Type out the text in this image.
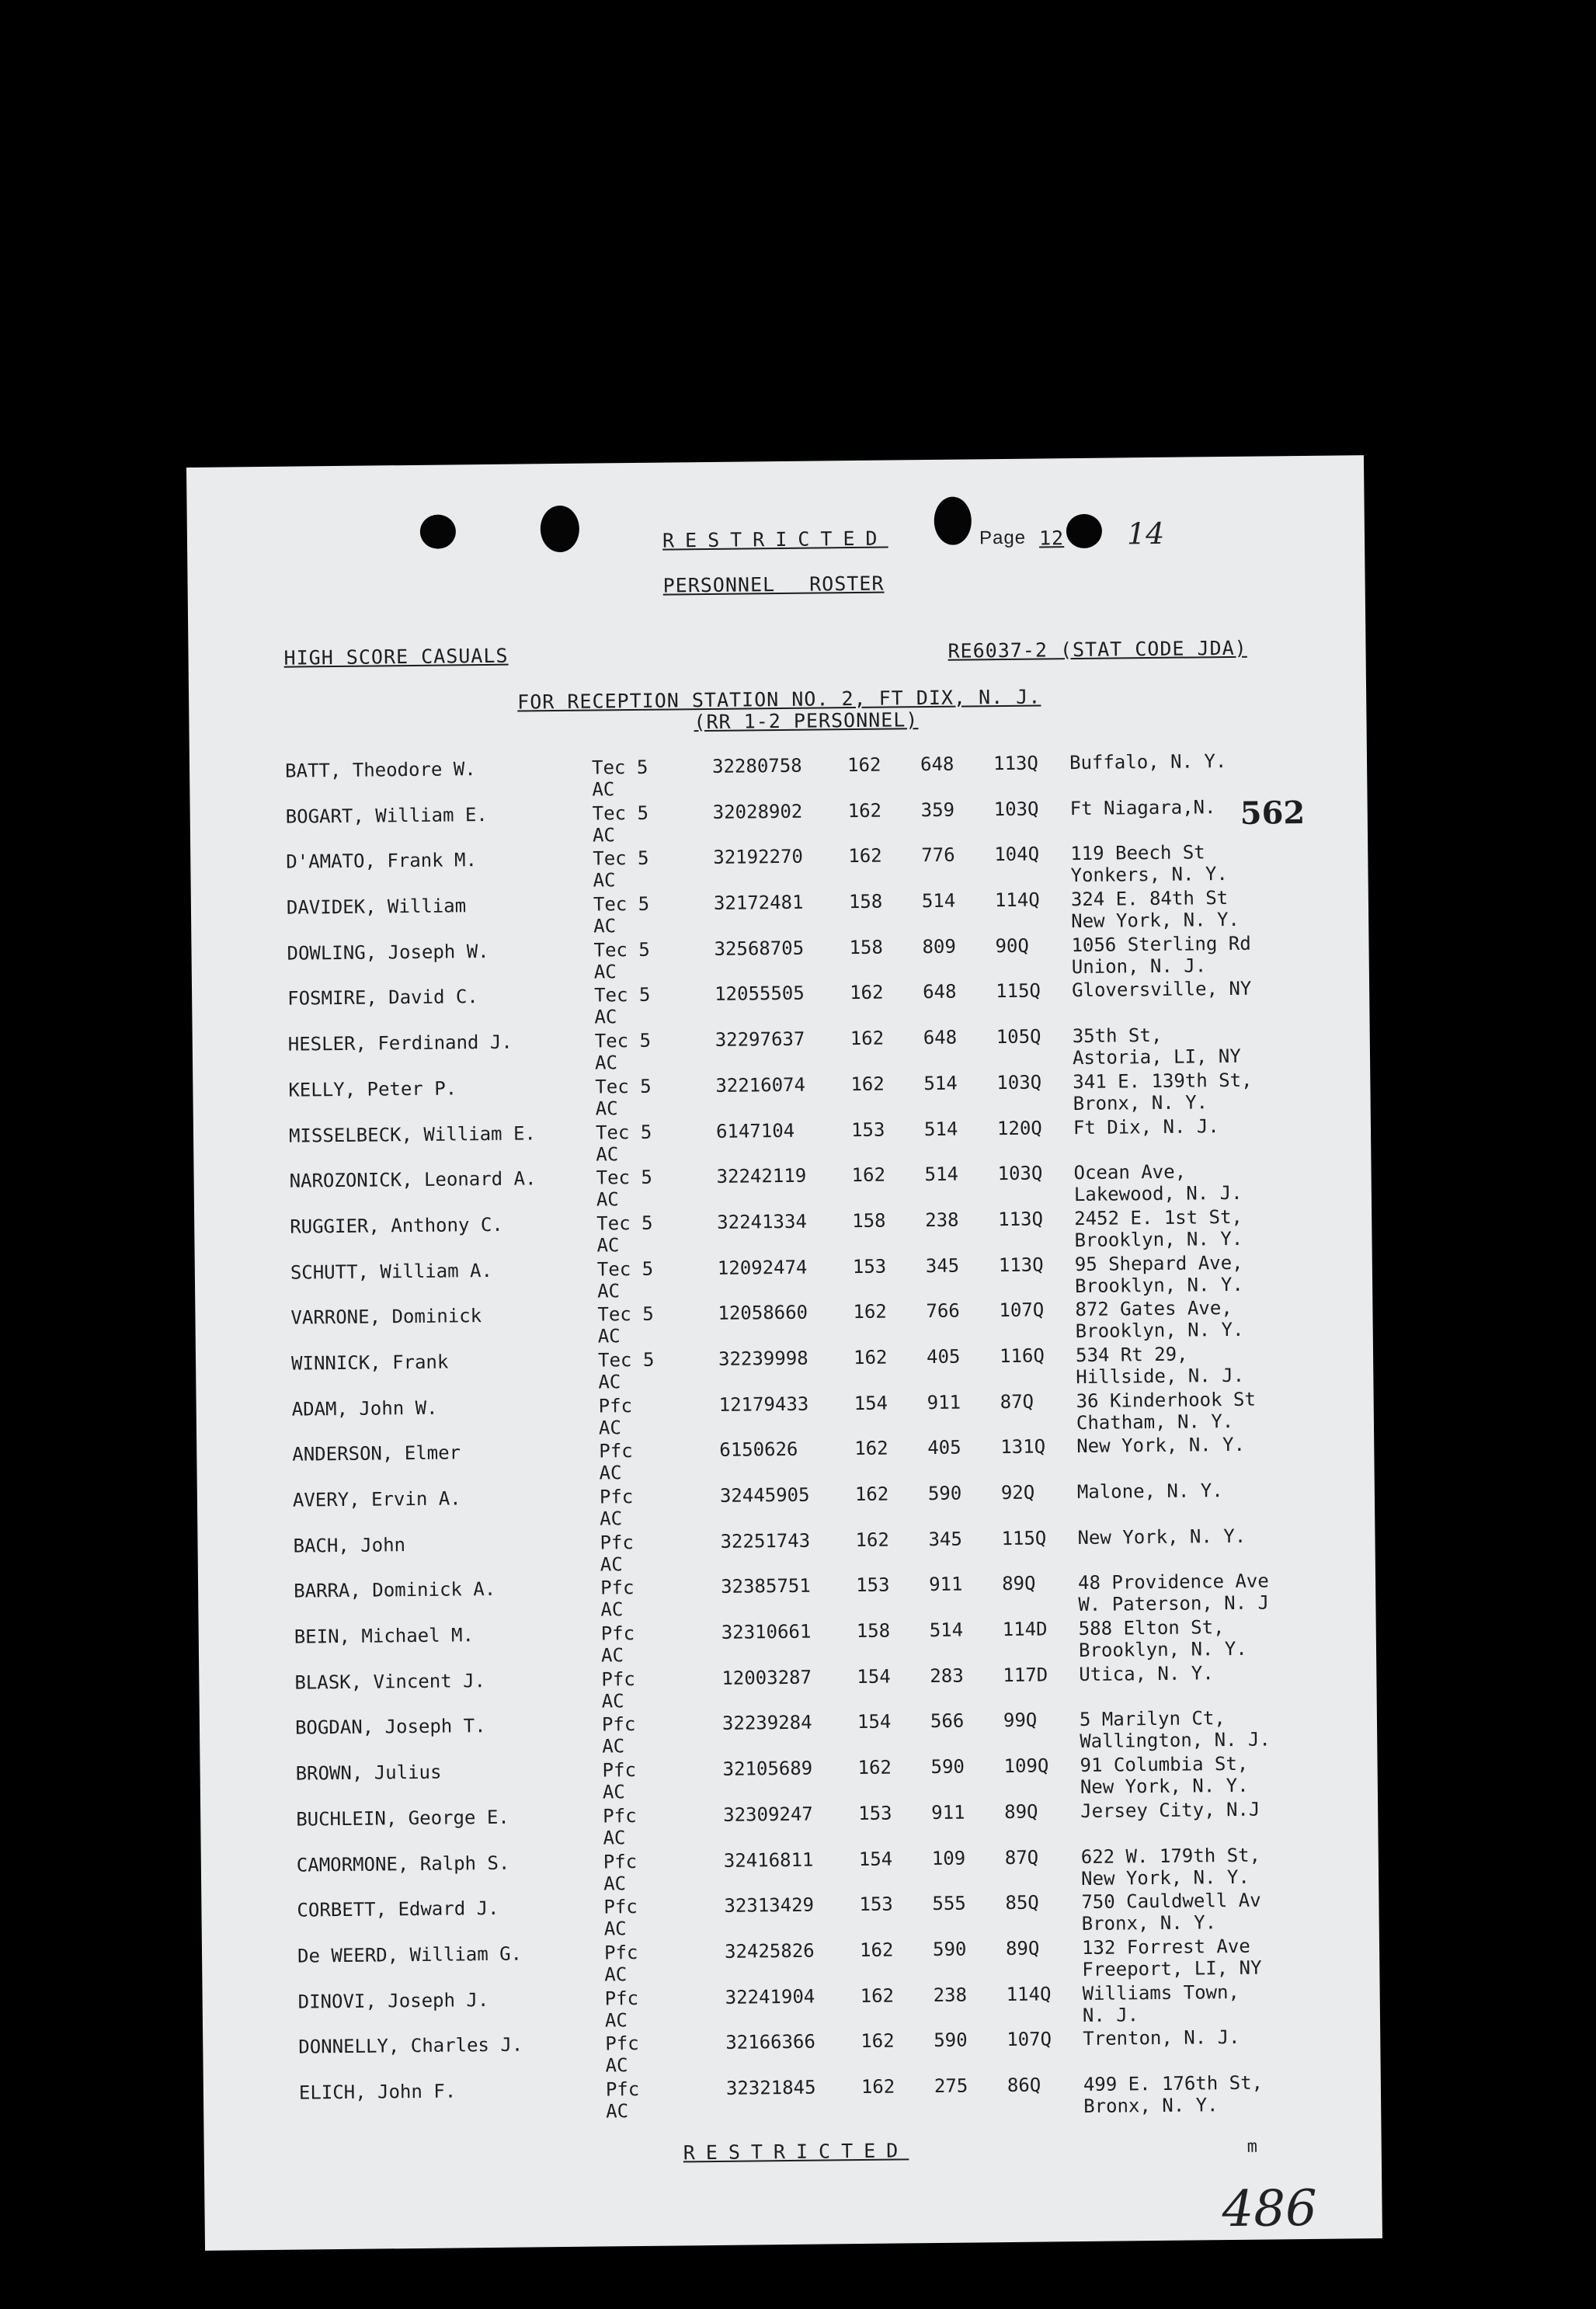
RESTRICTED	Page 12 14
PERSONNEL ROSTER
HIGH SCORE CASUALS	RE6037-2 (STAT CODE JDA)
FOR RECEPTION STATION NO. 2, FT DIX, N. J.
(RR 1-2 PERSONNEL)
562
BATT, Theodore W.	Tec 5
AC
32280758 162 648 113Q Buffalo, N. Y.
BOGART, William E.	Tec 5
AC
32028902 162 359 103Q Ft Niagara,N.
D'AMATO, Frank M.	Tec 5
AC
32192270 162 776 104Q 119 Beech St
Yonkers, N. Y.
DAVIDEK, William	Tec 5
AC
32172481 158 514 114Q 324 E. 84th St
New York, N. Y.
DOWLING, Joseph W.	Tec 5
AC
32568705 158 809 90Q 1056 Sterling Rd
Union, N. J.
FOSMIRE, David C.	Tec 5
AC
12055505 162 648 115Q Gloversville, NY
HESLER, Ferdinand J.	Tec 5
AC
32297637 162 648 105Q 35th St,
Astoria, LI, NY
KELLY, Peter P.	Tec 5
AC
32216074 162 514 103Q 341 E. 139th St,
Bronx, N. Y.
MISSELBECK, William E.	Tec 5
AC
6147104	153 514 120Q Ft Dix, N. J.
NAROZONICK, Leonard A.	Tec 5
AC
32242119 162 514 103Q Ocean Ave,
Lakewood, N. J.
RUGGIER, Anthony C.	Tec 5
AC
32241334 158 238 113Q 2452 E. 1st St,
Brooklyn, N. Y.
SCHUTT, William A.	Tec 5
AC
12092474 153 345 113Q 95 Shepard Ave,
Brooklyn, N. Y.
VARRONE, Dominick	Tec 5
AC
12058660 162 766 107Q 872 Gates Ave,
Brooklyn, N. Y.
WINNICK, Frank	Tec 5
AC
32239998 162 405 116Q 534 Rt 29,
Hillside, N. J.
ADAM, John W.	Pfc
AC
12179433 154 911 87Q 36 Kinderhook St
Chatham, N. Y.
ANDERSON, Elmer	Pfc
AC
6150626	162 405 131Q New York, N. Y.
AVERY, Ervin A.	Pfc
AC
32445905 162 590 92Q Malone, N. Y.
BACH, John	Pfc
AC
32251743 162 345 115Q New York, N. Y.
BARRA, Dominick A.	Pfc
AC
32385751 153 911 89Q 48 Providence Ave
W. Paterson, N. J
BEIN, Michael M.	Pfc
AC
32310661 158 514 114D 588 Elton St,
Brooklyn, N. Y.
BLASK, Vincent J.	Pfc
AC
12003287 154 283 117D Utica, N. Y.
BOGDAN, Joseph T.	Pfc
AC
32239284 154 566 99Q 5 Marilyn Ct,
Wallington, N. J.
BROWN, Julius	Pfc
AC
32105689 162 590 109Q 91 Columbia St,
New York, N. Y.
BUCHLEIN, George E.	Pfc
AC
32309247 153 911 89Q Jersey City, N.J
CAMORMONE, Ralph S.	Pfc
AC
32416811 154 109 87Q 622 W. 179th St,
New York, N. Y.
CORBETT, Edward J.	Pfc
AC
32313429 153 555 85Q 750 Cauldwell Av
Bronx, N. Y.
De WEERD, William G.	Pfc
AC
32425826 162 590 89Q 132 Forrest Ave
Freeport, LI, NY
DINOVI, Joseph J.	Pfc
AC
32241904 162 238 114Q Williams Town,
N. J.
DONNELLY, Charles J.	Pfc
AC
32166366 162 590 107Q Trenton, N. J.
ELICH, John F.	Pfc
AC
32321845 162 275 86Q 499 E. 176th St,
Bronx, N. Y.
RESTRICTED	m
486
